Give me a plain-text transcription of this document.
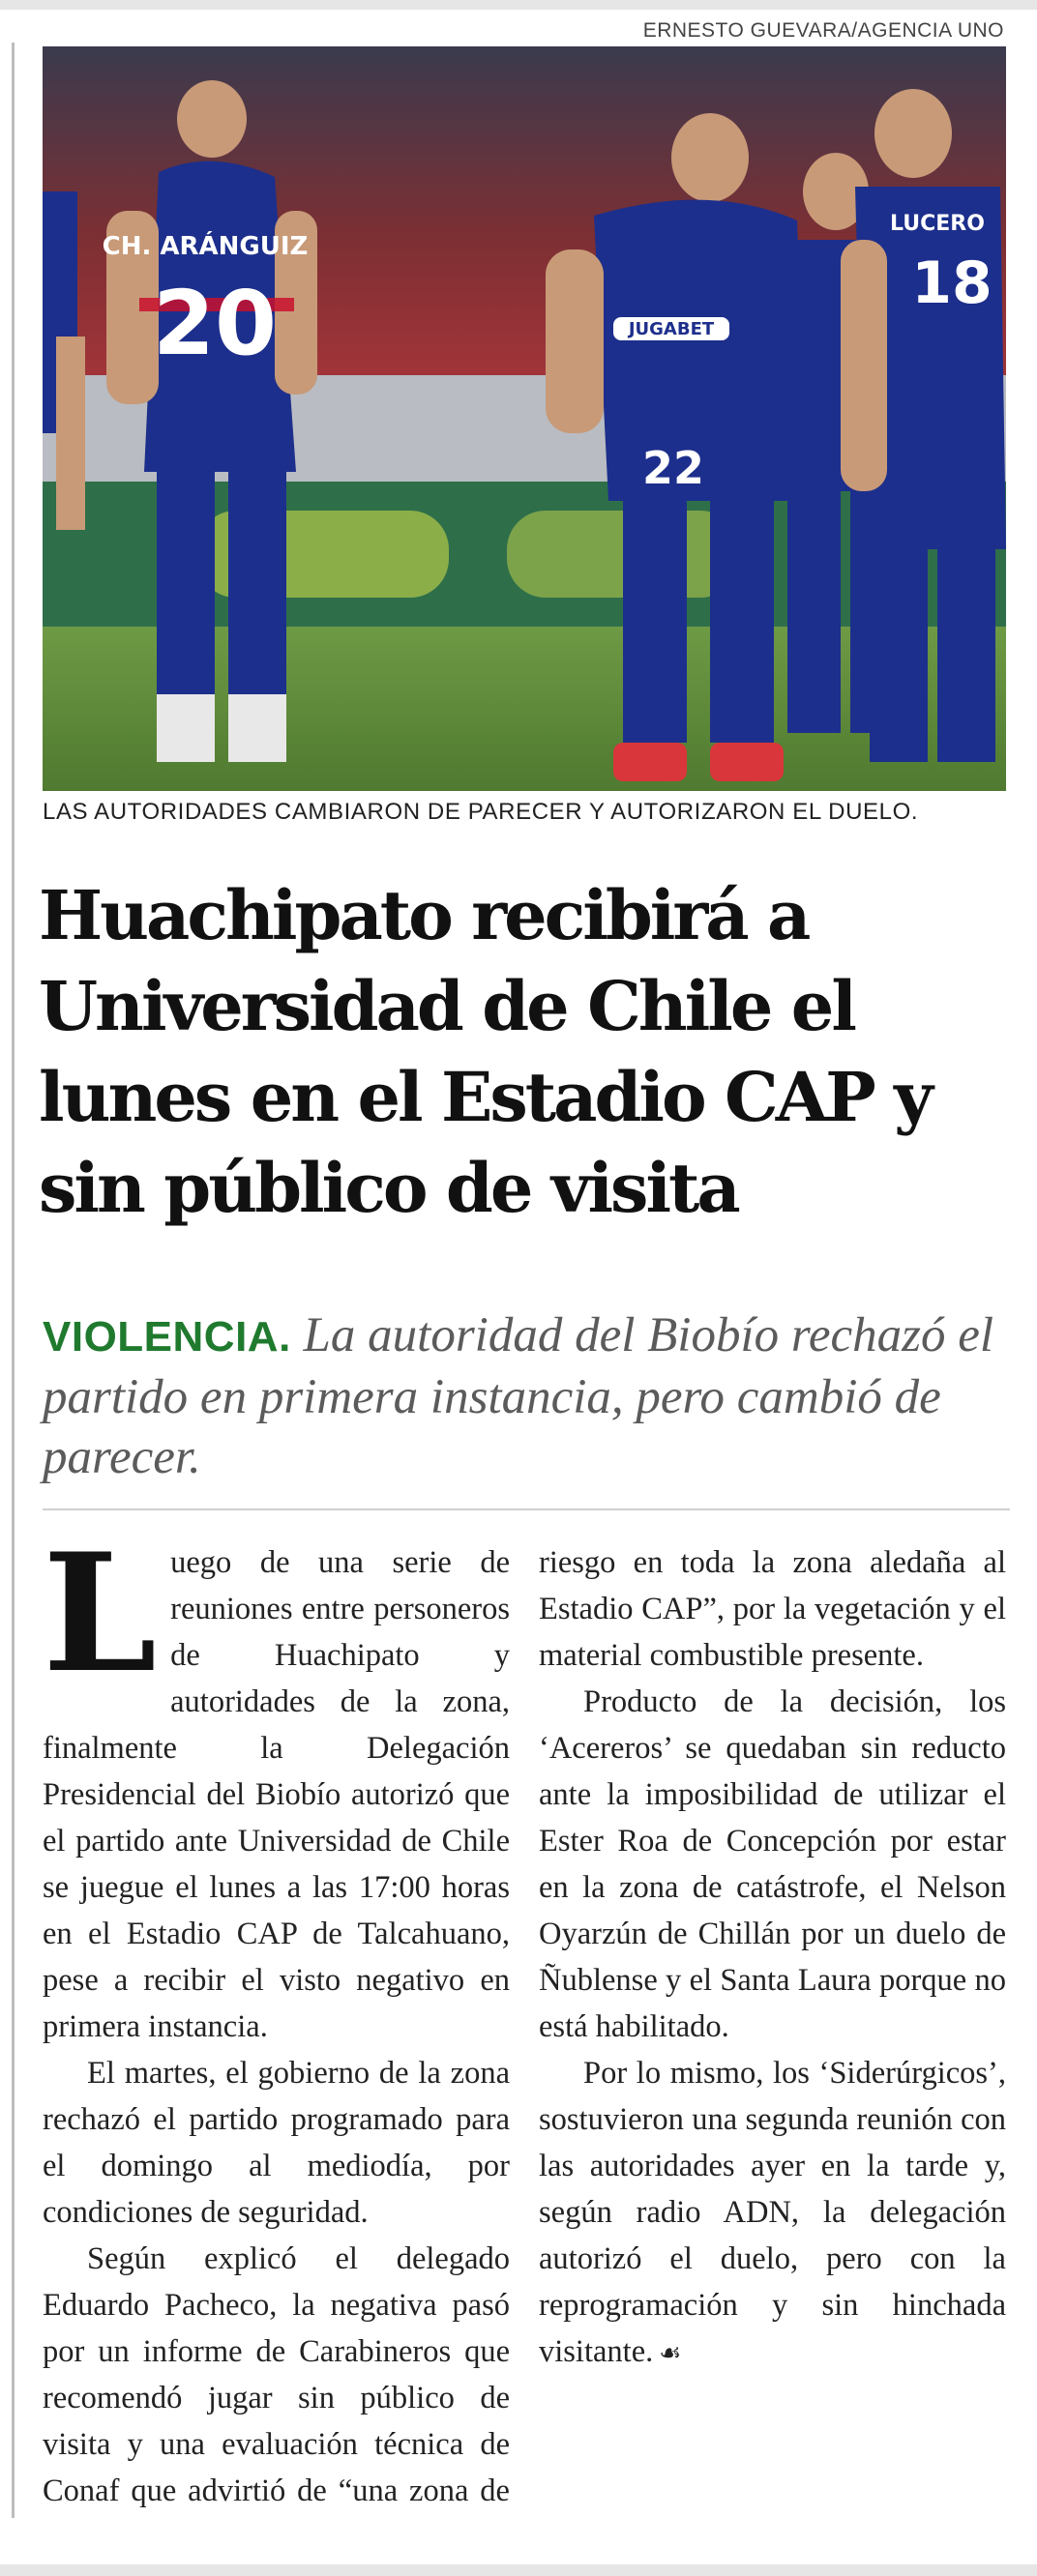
ERNESTO GUEVARA/AGENCIA UNO
CH. ARÁNGUIZ
20	JUGABET
22
LUCERO
18
LAS AUTORIDADES CAMBIARON DE PARECER Y AUTORIZARON EL DUELO.
Huachipato recibirá a Universidad de Chile el lunes en el Estadio CAP y sin público de visita
VIOLENCIA. La autoridad del Biobío rechazó el partido en primera instancia, pero cambió de parecer.

Luego de una serie de reuniones entre personeros de Huachipato y autoridades de la zona, finalmente la Delegación Presidencial del Biobío autorizó que el partido ante Universidad de Chile se juegue el lunes a las 17:00 horas en el Estadio CAP de Talcahuano, pese a recibir el visto negativo en primera instancia.

El martes, el gobierno de la zona rechazó el partido programado para el domingo al mediodía, por condiciones de seguridad.

Según explicó el delegado Eduardo Pacheco, la negativa pasó por un informe de Carabineros que recomendó jugar sin público de visita y una evaluación técnica de Conaf que advirtió de “una zona de riesgo en toda la zona aledaña al Estadio CAP”, por la vegetación y el material combustible presente.

Producto de la decisión, los ‘Acereros’ se quedaban sin reducto ante la imposibilidad de utilizar el Ester Roa de Concepción por estar en la zona de catástrofe, el Nelson Oyarzún de Chillán por un duelo de Ñublense y el Santa Laura porque no está habilitado.

Por lo mismo, los ‘Siderúrgicos’, sostuvieron una segunda reunión con las autoridades ayer en la tarde y, según radio ADN, la delegación autorizó el duelo, pero con la reprogramación y sin hinchada visitante. ☙
